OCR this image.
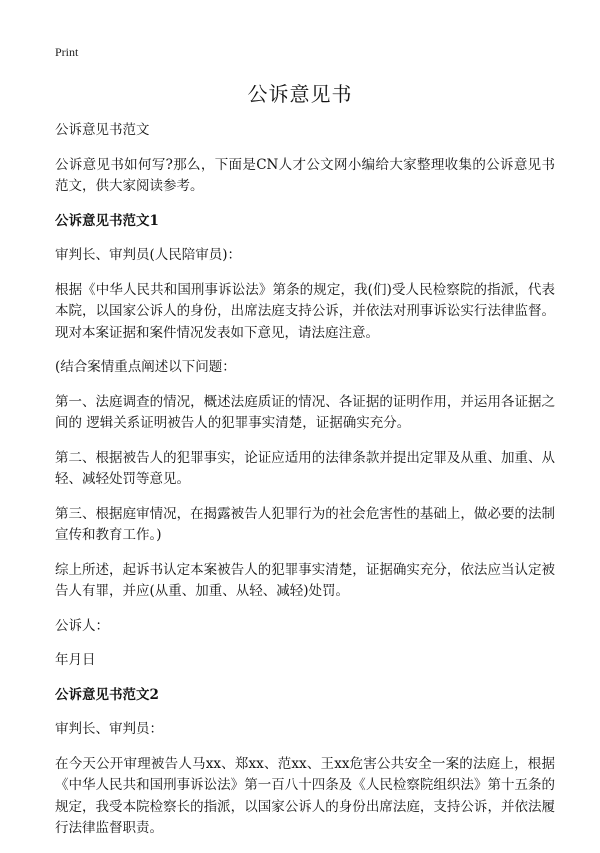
Print
公诉意见书

公诉意见书范文

公诉意见书如何写?那么，下面是CN人才公文网小编给大家整理收集的公诉意见书范文，供大家阅读参考。

公诉意见书范文1

审判长、审判员(人民陪审员)：

根据《中华人民共和国刑事诉讼法》第条的规定，我(们)受人民检察院的指派，代表本院，以国家公诉人的身份，出席法庭支持公诉，并依法对刑事诉讼实行法律监督。现对本案证据和案件情况发表如下意见，请法庭注意。

(结合案情重点阐述以下问题：

第一、法庭调查的情况，概述法庭质证的情况、各证据的证明作用，并运用各证据之间的 逻辑关系证明被告人的犯罪事实清楚，证据确实充分。

第二、根据被告人的犯罪事实，论证应适用的法律条款并提出定罪及从重、加重、从轻、减轻处罚等意见。

第三、根据庭审情况，在揭露被告人犯罪行为的社会危害性的基础上，做必要的法制宣传和教育工作。)

综上所述，起诉书认定本案被告人的犯罪事实清楚，证据确实充分，依法应当认定被告人有罪，并应(从重、加重、从轻、减轻)处罚。

公诉人：

年月日

公诉意见书范文2

审判长、审判员：

在今天公开审理被告人马xx、郑xx、范xx、王xx危害公共安全一案的法庭上，根据《中华人民共和国刑事诉讼法》第一百八十四条及《人民检察院组织法》第十五条的规定，我受本院检察长的指派，以国家公诉人的身份出席法庭，支持公诉，并依法履行法律监督职责。
